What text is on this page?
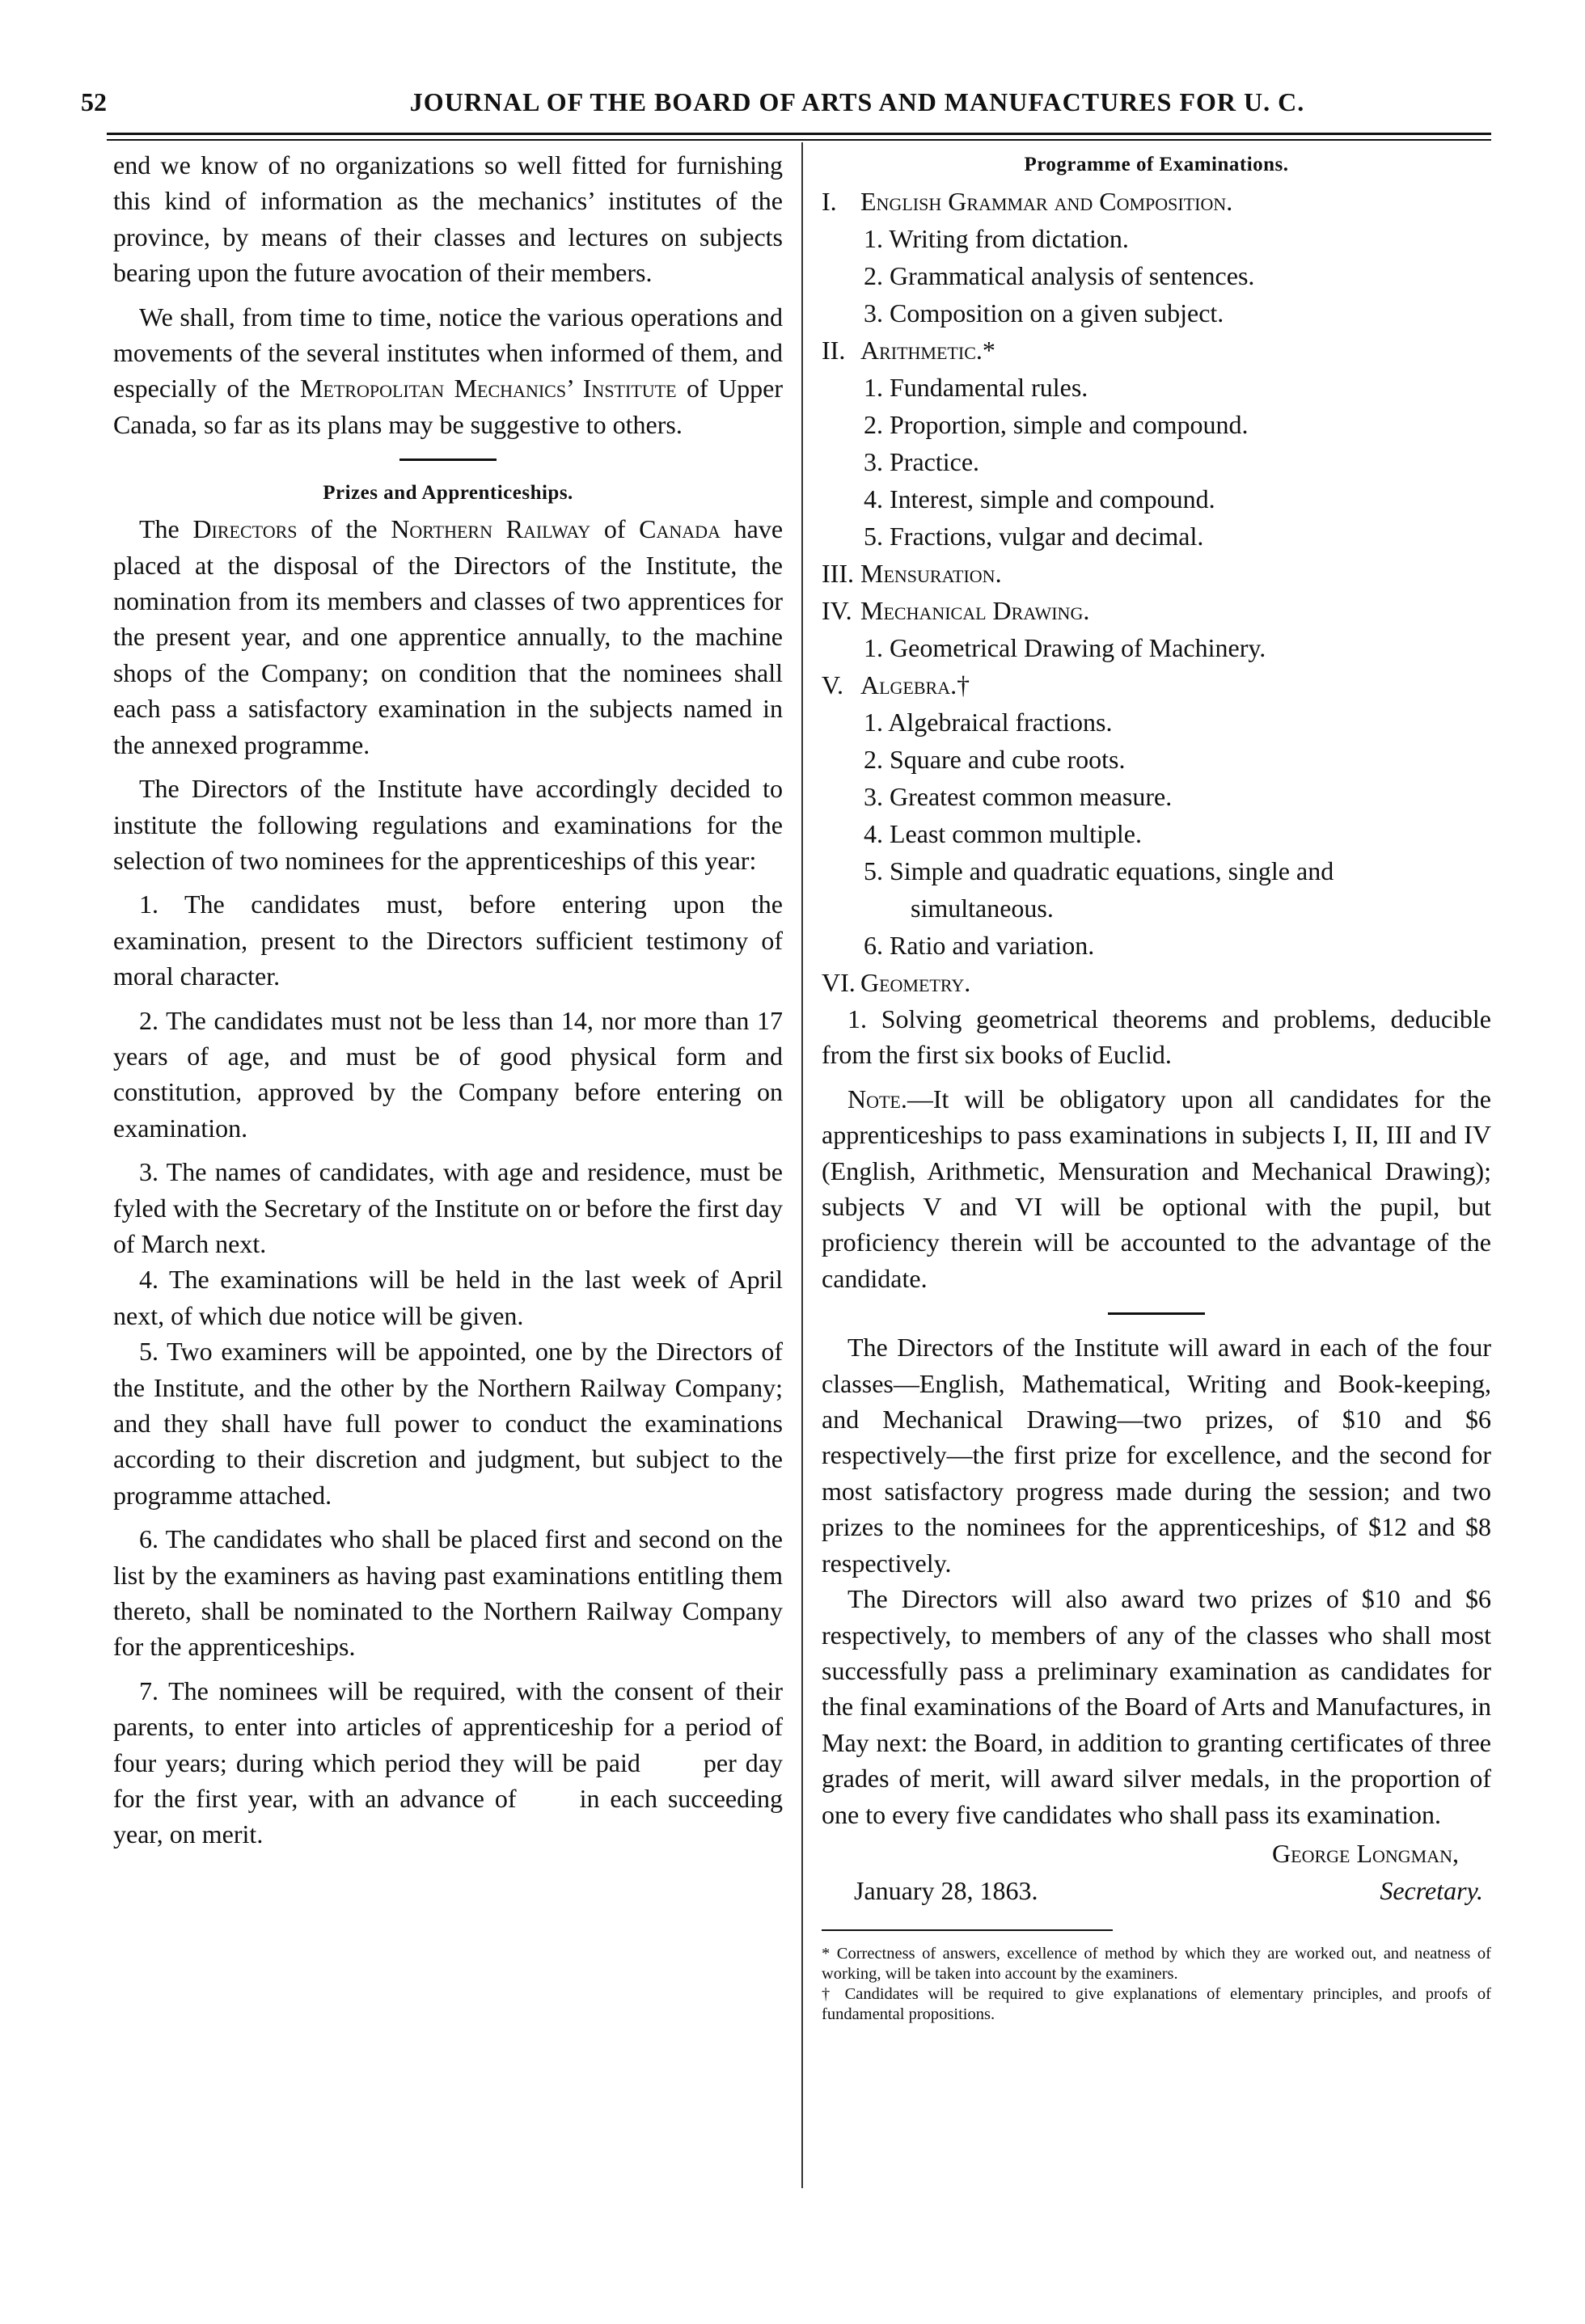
52	JOURNAL OF THE BOARD OF ARTS AND MANUFACTURES FOR U. C.

end we know of no organizations so well fitted for furnishing this kind of information as the mechanics’ institutes of the province, by means of their classes and lectures on subjects bearing upon the future avocation of their members.

We shall, from time to time, notice the various operations and movements of the several institutes when informed of them, and especially of the Metropolitan Mechanics’ Institute of Upper Canada, so far as its plans may be suggestive to others.

Prizes and Apprenticeships.

The Directors of the Northern Railway of Canada have placed at the disposal of the Directors of the Institute, the nomination from its members and classes of two apprentices for the present year, and one apprentice annually, to the machine shops of the Company; on condition that the nominees shall each pass a satisfactory examination in the subjects named in the annexed programme.

The Directors of the Institute have accordingly decided to institute the following regulations and examinations for the selection of two nominees for the apprenticeships of this year:

1. The candidates must, before entering upon the examination, present to the Directors sufficient testimony of moral character.

2. The candidates must not be less than 14, nor more than 17 years of age, and must be of good physical form and constitution, approved by the Company before entering on examination.

3. The names of candidates, with age and residence, must be fyled with the Secretary of the Institute on or before the first day of March next.

4. The examinations will be held in the last week of April next, of which due notice will be given.

5. Two examiners will be appointed, one by the Directors of the Institute, and the other by the Northern Railway Company; and they shall have full power to conduct the examinations according to their discretion and judgment, but subject to the programme attached.

6. The candidates who shall be placed first and second on the list by the examiners as having past examinations entitling them thereto, shall be nominated to the Northern Railway Company for the apprenticeships.

7. The nominees will be required, with the consent of their parents, to enter into articles of apprenticeship for a period of four years; during which period they will be paid per day for the first year, with an advance of in each succeeding year, on merit.

Programme of Examinations.

I. English Grammar and Composition.

1. Writing from dictation.

2. Grammatical analysis of sentences.

3. Composition on a given subject.

II. Arithmetic.*

1. Fundamental rules.

2. Proportion, simple and compound.

3. Practice.

4. Interest, simple and compound.

5. Fractions, vulgar and decimal.

III. Mensuration.

IV. Mechanical Drawing.

1. Geometrical Drawing of Machinery.

V. Algebra.†

1. Algebraical fractions.

2. Square and cube roots.

3. Greatest common measure.

4. Least common multiple.

5. Simple and quadratic equations, single and

simultaneous.

6. Ratio and variation.

VI. Geometry.

1. Solving geometrical theorems and problems, deducible from the first six books of Euclid.

Note.—It will be obligatory upon all candidates for the apprenticeships to pass examinations in subjects I, II, III and IV (English, Arithmetic, Mensuration and Mechanical Drawing); subjects V and VI will be optional with the pupil, but proficiency therein will be accounted to the advantage of the candidate.

The Directors of the Institute will award in each of the four classes—English, Mathematical, Writing and Book-keeping, and Mechanical Drawing—two prizes, of $10 and $6 respectively—the first prize for excellence, and the second for most satisfactory progress made during the session; and two prizes to the nominees for the apprenticeships, of $12 and $8 respectively.

The Directors will also award two prizes of $10 and $6 respectively, to members of any of the classes who shall most successfully pass a preliminary examination as candidates for the final examinations of the Board of Arts and Manufactures, in May next: the Board, in addition to granting certificates of three grades of merit, will award silver medals, in the proportion of one to every five candidates who shall pass its examination.

George Longman,
January 28, 1863.	Secretary.

* Correctness of answers, excellence of method by which they are worked out, and neatness of working, will be taken into account by the examiners.

† Candidates will be required to give explanations of elementary principles, and proofs of fundamental propositions.
